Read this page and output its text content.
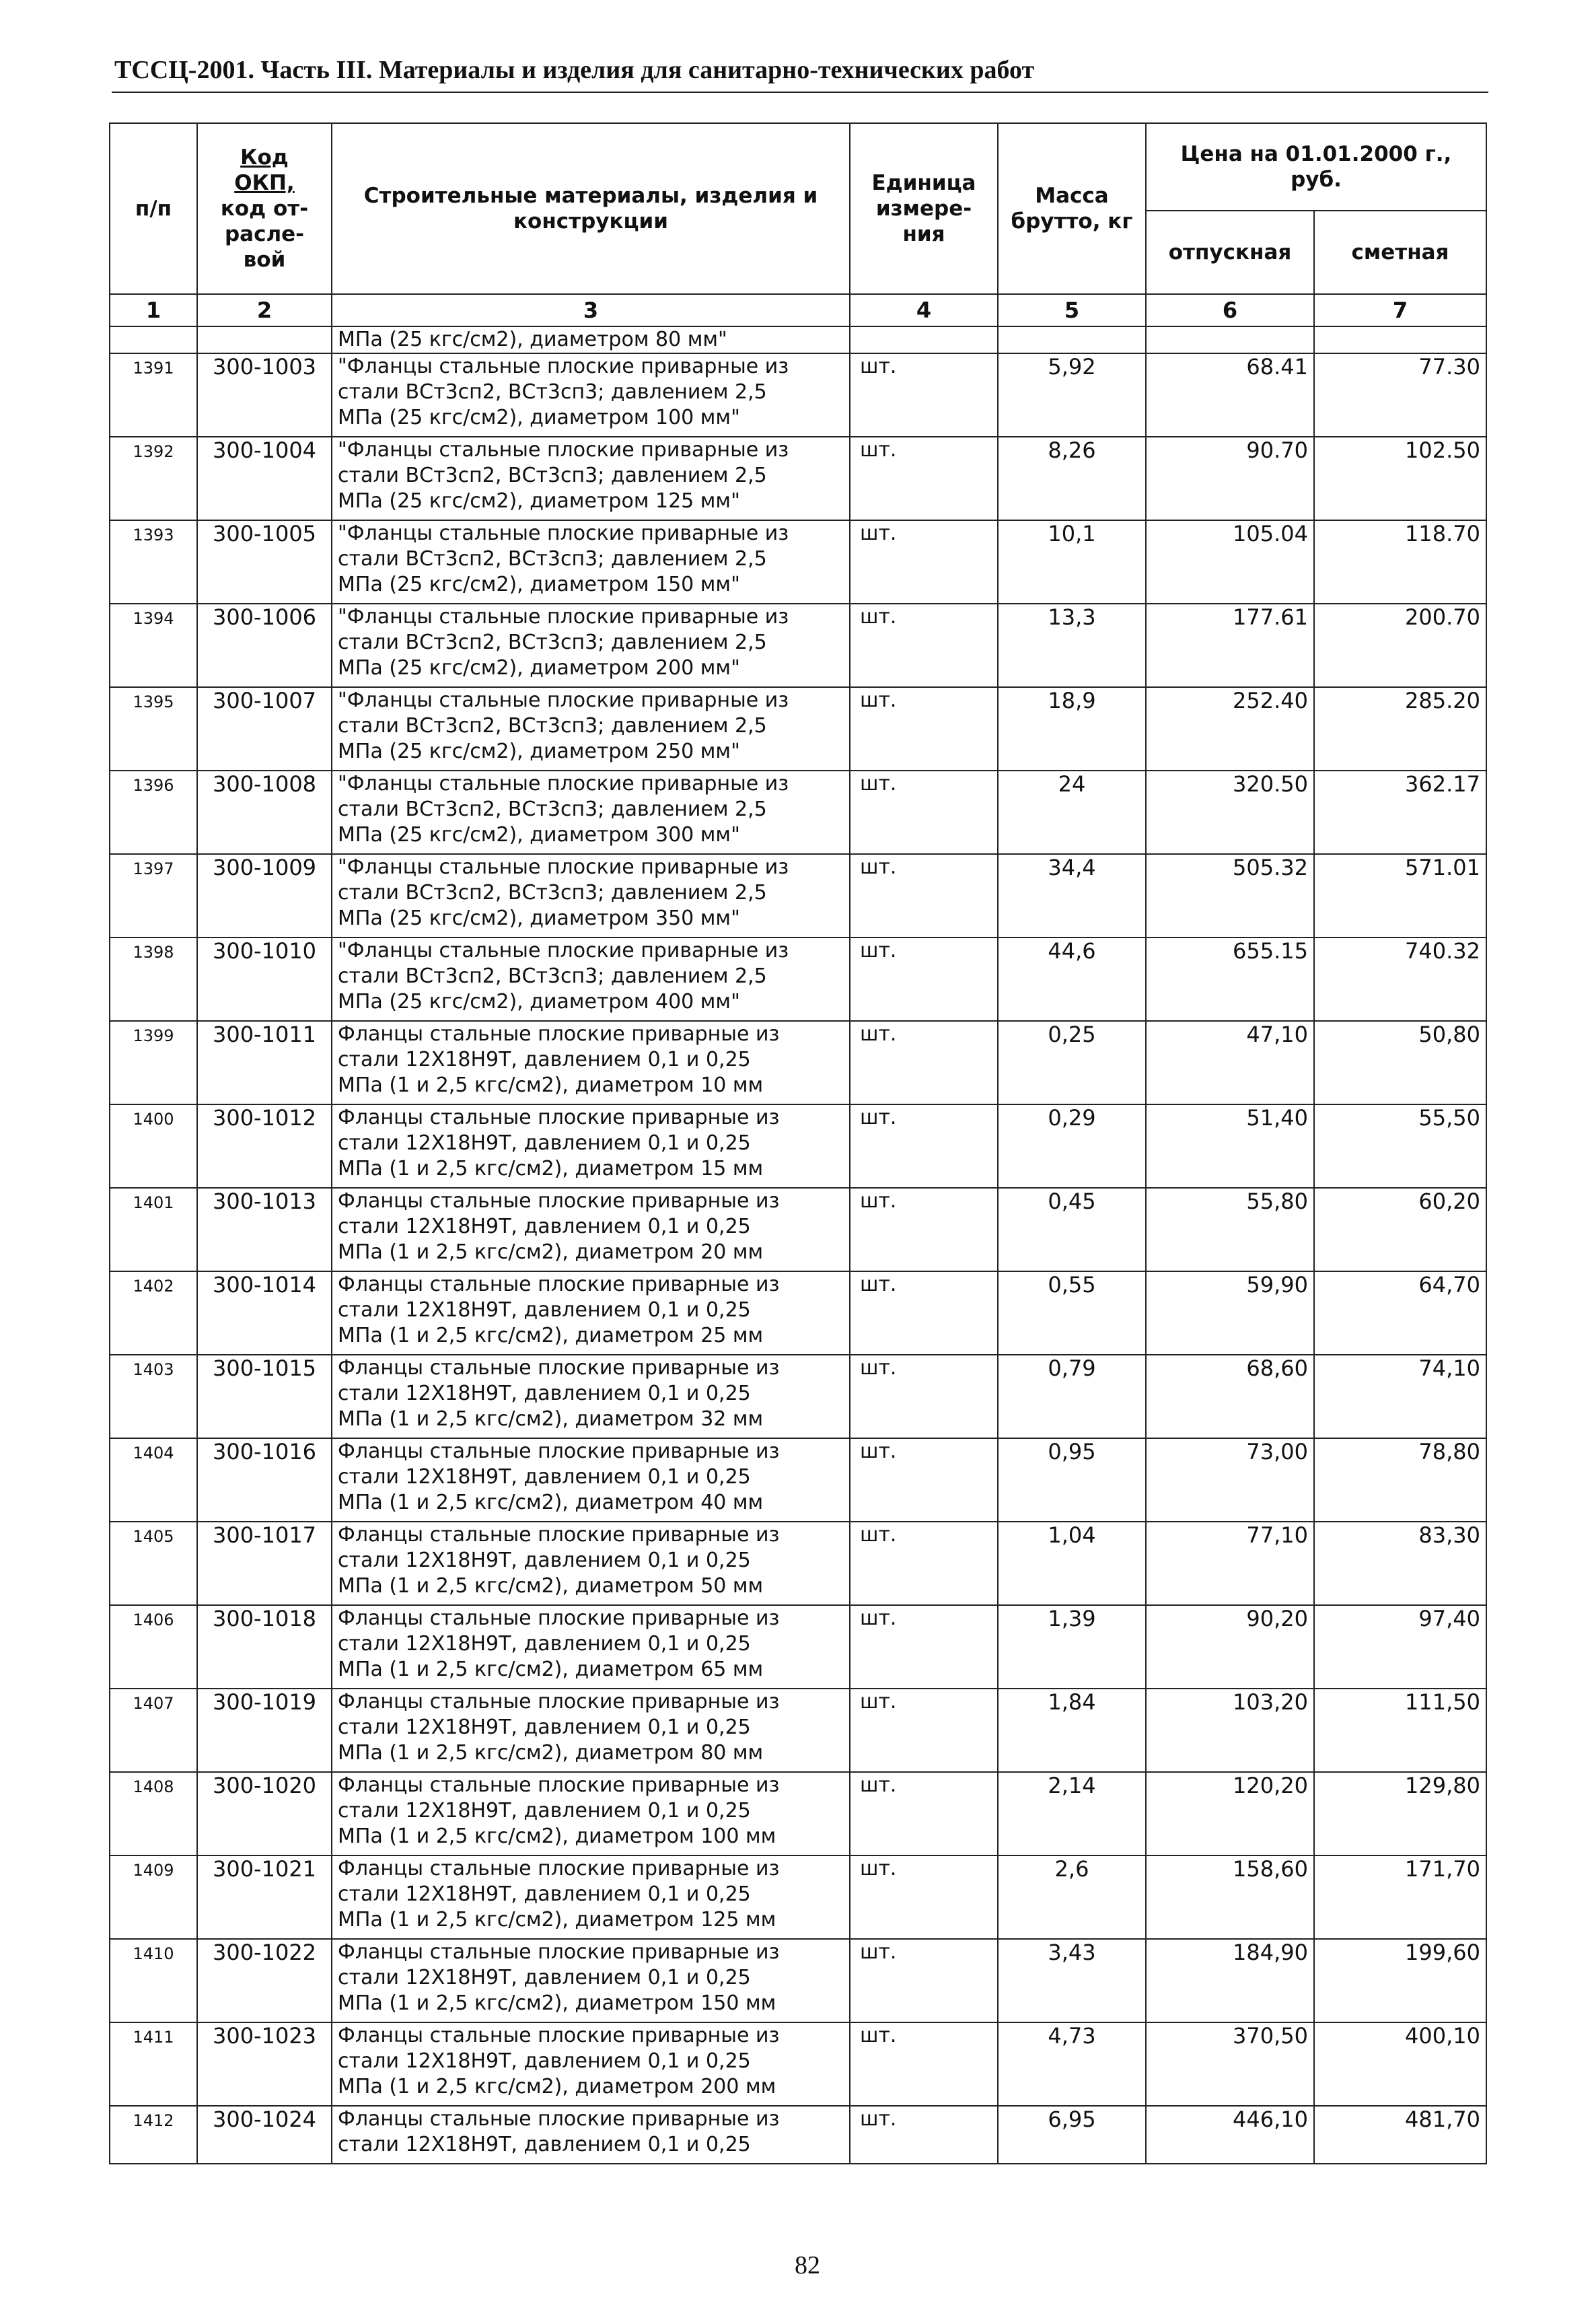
ТССЦ-2001. Часть III. Материалы и изделия для санитарно-технических работ
п/п	Код
ОКП,
код от-
расле-
вой	Строительные материалы, изделия и конструкции	Единица измере-ния	Масса брутто, кг	Цена на 01.01.2000 г., руб.	
					отпускная	сметная
1	2	3	4	5	6	7
		МПа (25 кгс/см2), диаметром 80 мм"				
1391	300-1003	"Фланцы стальные плоские приварные из
стали ВСт3сп2, ВСт3сп3; давлением 2,5
МПа (25 кгс/см2), диаметром 100 мм"	шт.	5,92	68.41	77.30
1392	300-1004	"Фланцы стальные плоские приварные из
стали ВСт3сп2, ВСт3сп3; давлением 2,5
МПа (25 кгс/см2), диаметром 125 мм"	шт.	8,26	90.70	102.50
1393	300-1005	"Фланцы стальные плоские приварные из
стали ВСт3сп2, ВСт3сп3; давлением 2,5
МПа (25 кгс/см2), диаметром 150 мм"	шт.	10,1	105.04	118.70
1394	300-1006	"Фланцы стальные плоские приварные из
стали ВСт3сп2, ВСт3сп3; давлением 2,5
МПа (25 кгс/см2), диаметром 200 мм"	шт.	13,3	177.61	200.70
1395	300-1007	"Фланцы стальные плоские приварные из
стали ВСт3сп2, ВСт3сп3; давлением 2,5
МПа (25 кгс/см2), диаметром 250 мм"	шт.	18,9	252.40	285.20
1396	300-1008	"Фланцы стальные плоские приварные из
стали ВСт3сп2, ВСт3сп3; давлением 2,5
МПа (25 кгс/см2), диаметром 300 мм"	шт.	24	320.50	362.17
1397	300-1009	"Фланцы стальные плоские приварные из
стали ВСт3сп2, ВСт3сп3; давлением 2,5
МПа (25 кгс/см2), диаметром 350 мм"	шт.	34,4	505.32	571.01
1398	300-1010	"Фланцы стальные плоские приварные из
стали ВСт3сп2, ВСт3сп3; давлением 2,5
МПа (25 кгс/см2), диаметром 400 мм"	шт.	44,6	655.15	740.32
1399	300-1011	Фланцы стальные плоские приварные из
стали 12Х18Н9Т, давлением 0,1 и 0,25
МПа (1 и 2,5 кгс/см2), диаметром 10 мм	шт.	0,25	47,10	50,80
1400	300-1012	Фланцы стальные плоские приварные из
стали 12Х18Н9Т, давлением 0,1 и 0,25
МПа (1 и 2,5 кгс/см2), диаметром 15 мм	шт.	0,29	51,40	55,50
1401	300-1013	Фланцы стальные плоские приварные из
стали 12Х18Н9Т, давлением 0,1 и 0,25
МПа (1 и 2,5 кгс/см2), диаметром 20 мм	шт.	0,45	55,80	60,20
1402	300-1014	Фланцы стальные плоские приварные из
стали 12Х18Н9Т, давлением 0,1 и 0,25
МПа (1 и 2,5 кгс/см2), диаметром 25 мм	шт.	0,55	59,90	64,70
1403	300-1015	Фланцы стальные плоские приварные из
стали 12Х18Н9Т, давлением 0,1 и 0,25
МПа (1 и 2,5 кгс/см2), диаметром 32 мм	шт.	0,79	68,60	74,10
1404	300-1016	Фланцы стальные плоские приварные из
стали 12Х18Н9Т, давлением 0,1 и 0,25
МПа (1 и 2,5 кгс/см2), диаметром 40 мм	шт.	0,95	73,00	78,80
1405	300-1017	Фланцы стальные плоские приварные из
стали 12Х18Н9Т, давлением 0,1 и 0,25
МПа (1 и 2,5 кгс/см2), диаметром 50 мм	шт.	1,04	77,10	83,30
1406	300-1018	Фланцы стальные плоские приварные из
стали 12Х18Н9Т, давлением 0,1 и 0,25
МПа (1 и 2,5 кгс/см2), диаметром 65 мм	шт.	1,39	90,20	97,40
1407	300-1019	Фланцы стальные плоские приварные из
стали 12Х18Н9Т, давлением 0,1 и 0,25
МПа (1 и 2,5 кгс/см2), диаметром 80 мм	шт.	1,84	103,20	111,50
1408	300-1020	Фланцы стальные плоские приварные из
стали 12Х18Н9Т, давлением 0,1 и 0,25
МПа (1 и 2,5 кгс/см2), диаметром 100 мм	шт.	2,14	120,20	129,80
1409	300-1021	Фланцы стальные плоские приварные из
стали 12Х18Н9Т, давлением 0,1 и 0,25
МПа (1 и 2,5 кгс/см2), диаметром 125 мм	шт.	2,6	158,60	171,70
1410	300-1022	Фланцы стальные плоские приварные из
стали 12Х18Н9Т, давлением 0,1 и 0,25
МПа (1 и 2,5 кгс/см2), диаметром 150 мм	шт.	3,43	184,90	199,60
1411	300-1023	Фланцы стальные плоские приварные из
стали 12Х18Н9Т, давлением 0,1 и 0,25
МПа (1 и 2,5 кгс/см2), диаметром 200 мм	шт.	4,73	370,50	400,10
1412	300-1024	Фланцы стальные плоские приварные из
стали 12Х18Н9Т, давлением 0,1 и 0,25	шт.	6,95	446,10	481,70
82
